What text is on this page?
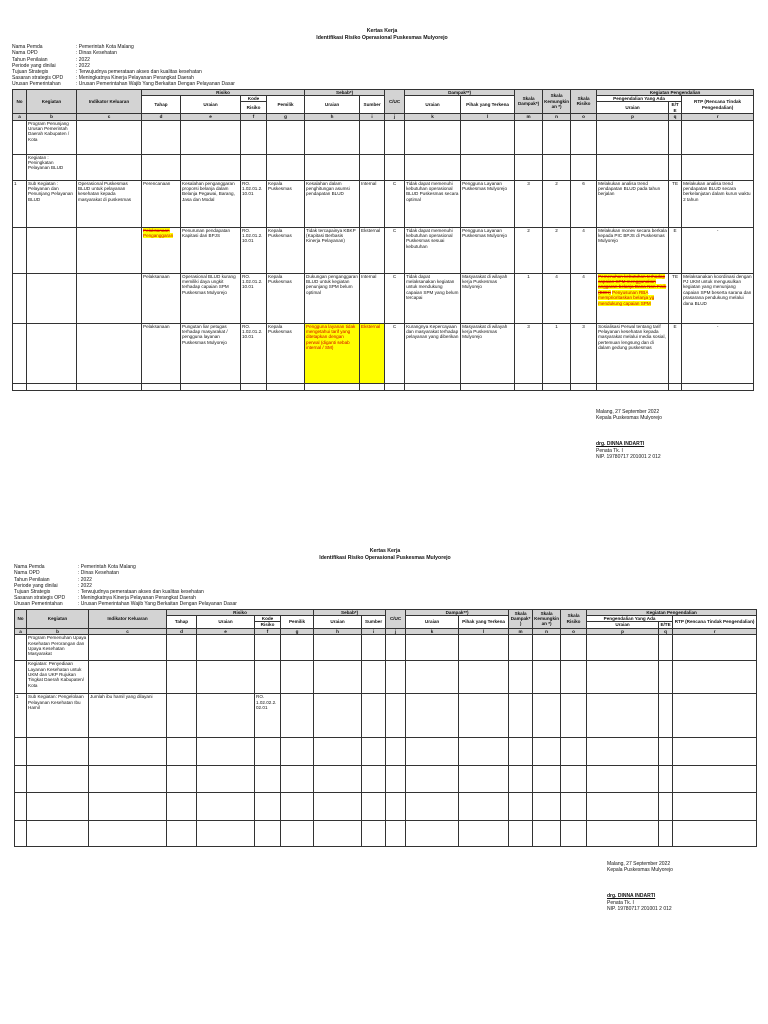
Kertas Kerja
Identifikasi Risiko Operasional Puskesmas Mulyorejo
Nama Pemda	: Pemerintah Kota Malang
Nama OPD	: Dinas Kesehatan
Tahun Penilaian	: 2022
Periode yang dinilai	: 2022
Tujuan Strategis	: Terwujudnya pemerataan akses dan kualitas kesehatan
Sasaran strategis OPD	: Meningkatnya Kinerja Pelayanan Perangkat Daerah
Urusan Pemerintahan	: Urusan Pemerintahan Wajib Yang Berkaitan Dengan Pelayanan Dasar
No	Kegiatan	Indikator Keluaran	Risiko				Sebab*)		C/UC	Dampak**)		Skala Dampak*)	Skala Kemungkinan *)	Skala Risiko	Kegiatan Pengendalian		
			Tahap	Uraian	Kode	Pemilik	Uraian	Sumber		Uraian	Pihak yang Terkena				Pengendalian Yang Ada		RTP (Rencana Tindak Pengendalian)
					Risiko										Uraian	E/TE	
a	b	c	d	e	f	g	h	i	j	k	l	m	n	o	p	q	r
	Program Penunjang Urusan Pemerintah Daerah Kabupaten / Kota																
	Kegiatan : Peningkatan Pelayanan BLUD																
1	Sub Kegiatan : Pelayanan dan Penunjang Pelayanan BLUD	Operasional Puskesmas BLUD untuk pelayanan kesehatan kepada masyarakat di puskesmas	Perencanaan	Kesalahan penganggaran proporsi belanja dalam Belanja Pegawai, Barang, Jasa dan Modal	RO. 1.02.01.2. 10.01	Kepala Puskesmas	Kesalahan dalam penghitungan asumsi pendapatan BLUD	Internal	C	Tidak dapat memenuhi kebutuhan operasional BLUD Puskesmas secara optimal	Pengguna Layanan Puskesmas Mulyorejo	3	2	6	Melakukan analisa trend pendapatan BLUD pada tahun berjalan	TE	Melakukan analisa trend pendapatan BLUD secara berkelanjutan dalam kurun waktu 2 tahun
			Pelaksanaan Penganggaran	Penurunan pendapatan Kapitasi dari BPJS	RO. 1.02.01.2. 10.01	Kepala Puskesmas	Tidak tercapainya KBKP (Kapitasi Berbasis Kinerja Pelayanan)	Eksternal	C	Tidak dapat memenuhi kebutuhan operasional Puskesmas sesuai kebutuhan	Pengguna Layanan Puskesmas Mulyorejo	2	2	4	Melakukan monev secara berkala kepada PIC BPJS di Puskesmas Mulyorejo	E	-
			Pelaksanaan	Operasional BLUD kurang memiliki daya ungkit terhadap capaian SPM Puskesmas Mulyorejo	RO. 1.02.01.2. 10.01	Kepala Puskesmas	Dukungan penganggaran BLUD untuk kegiatan penunjang SPM belum optimal	Internal	C	Tidak dapat melaksanakan kegiatan untuk mendukung capaian SPM yang belum tercapai	Masyarakat di wilayah kerja Puskesmas Mulyorejo	1	4	4	Pemenuhan kebutuhan terhadap capaian SPM menggunakan anggaran belanja Dana Non Fisik (BOK) Penyusunan RBA memprioritaskan belanja yg mendukung capaian SPM	TE	Melaksanakan koordinasi dengan PJ UKM untuk mengusulkan kegiatan yang menunjang capaian SPM beserta sarana dan prasarana pendukung melalui dana BLUD
			Pelaksanaan	Pungutan liar petugas terhadap masyarakat / pengguna layanan Puskesmas Mulyorejo	RO. 1.02.01.2. 10.01	Kepala Puskesmas	Pengguna layanan tidak mengetahui tarif yang ditetapkan dengan perwal (diganti sebab internal / SM)	Eksternal	C	Kurangnya Kepercayaan dan masyarakat terhadap pelayanan yang diberikan	Masyarakat di wilayah kerja Puskesmas Mulyorejo	3	1	3	Sosialisasi Perwal tentang tarif Pelayanan kesehatan kepada masyarakat melalui media sosial, pertemuan lengsung dan di dalam gedung puskesmas	E	-

Malang, 27 September 2022
Kepala Puskesmas Mulyorejo
drg. DINNA INDARTI
Penata Tk. I
NIP. 19780717 201001 2 012
Kertas Kerja
Identifikasi Risiko Operasional Puskesmas Mulyorejo
Nama Pemda	: Pemerintah Kota Malang
Nama OPD	: Dinas Kesehatan
Tahun Penilaian	: 2022
Periode yang dinilai	: 2022
Tujuan Strategis	: Terwujudnya pemerataan akses dan kualitas kesehatan
Sasaran strategis OPD	: Meningkatnya Kinerja Pelayanan Perangkat Daerah
Urusan Pemerintahan	: Urusan Pemerintahan Wajib Yang Berkaitan Dengan Pelayanan Dasar
No	Kegiatan	Indikator Keluaran	Risiko				Sebab*)		C/UC	Dampak**)		Skala Dampak*)	Skala Kemungkinan *)	Skala Risiko	Kegiatan Pengendalian		
			Tahap	Uraian	Kode	Pemilik	Uraian	Sumber		Uraian	Pihak yang Terkena				Pengendalian Yang Ada		RTP (Rencana Tindak Pengendalian)
					Risiko										Uraian	E/TE	
a	b	c	d	e	f	g	h	i	j	k	l	m	n	o	p	q	r
	Program Pemenuhan Upaya Kesehatan Perorangan dan Upaya Kesehatan Masyarakat																
	Kegiatan: Penyediaan Layanan Kesehatan untuk UKM dan UKP Rujukan Tingkat Daerah Kabupaten/ Kota																
1	Sub Kegiatan: Pengelolaan Pelayanan Kesehatan Ibu Hamil	Jumlah ibu hamil yang dilayani			RO. 1.02.02.2. 02.01												

Malang, 27 September 2022
Kepala Puskesmas Mulyorejo
drg. DINNA INDARTI
Penata Tk. I
NIP. 19780717 201001 2 012
